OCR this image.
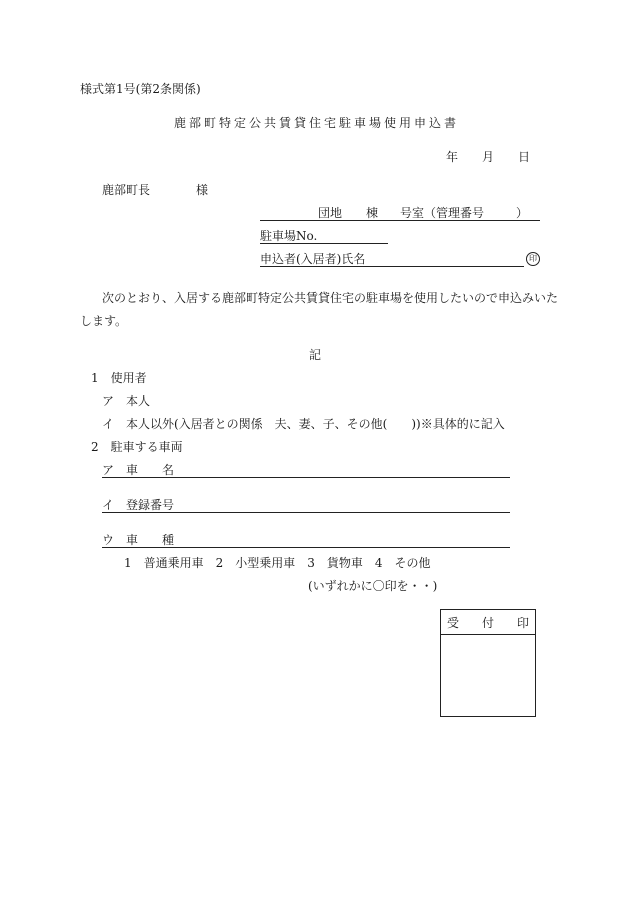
様式第1号(第2条関係)
鹿部町特定公共賃貸住宅駐車場使用申込書
年 月 日
鹿部町長	様
団地 棟 号室（管理番号	）
駐車場No.
申込者(入居者)氏名	印
次のとおり、入居する鹿部町特定公共賃貸住宅の駐車場を使用したいので申込みいた
します。
記
1　使用者
ア　本人
イ　本人以外(入居者との関係　夫、妻、子、その他(　　))※具体的に記入
2　駐車する車両
ア　車　　名
イ　登録番号
ウ　車　　種
1　普通乗用車　2　小型乗用車　3　貨物車　4　その他
(いずれかに〇印を・・)
受 付 印
